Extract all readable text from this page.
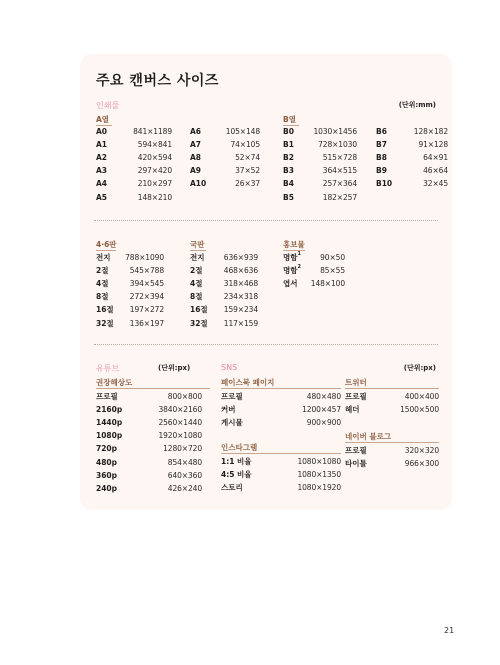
주요 캔버스 사이즈
인쇄물	(단위:mm)
A열	B열
A0	841×1189
A1	594×841
A2	420×594
A3	297×420
A4	210×297
A5	148×210
A6	105×148
A7	74×105
A8	52×74
A9	37×52
A10	26×37
B0	1030×1456
B1	728×1030
B2	515×728
B3	364×515
B4	257×364
B5	182×257
B6	128×182
B7	91×128
B8	64×91
B9	46×64
B10	32×45
4·6판	국판	홍보물
전지	788×1090
2절	545×788
4절	394×545
8절	272×394
16절	197×272
32절	136×197
전지	636×939
2절	468×636
4절	318×468
8절	234×318
16절	159×234
32절	117×159
명함$^1$	90×50
명함$^2$	85×55
엽서	148×100
유튜브	(단위:px)
권장해상도
프로필	800×800
2160p	3840×2160
1440p	2560×1440
1080p	1920×1080
720p	1280×720
480p	854×480
360p	640×360
240p	426×240
SNS	(단위:px)
페이스북 페이지
프로필	480×480
커버	1200×457
게시물	900×900
인스타그램
1:1 비율	1080×1080
4:5 비율	1080×1350
스토리	1080×1920
트위터
프로필	400×400
헤더	1500×500
네이버 블로그
프로필	320×320
타이틀	966×300
21
